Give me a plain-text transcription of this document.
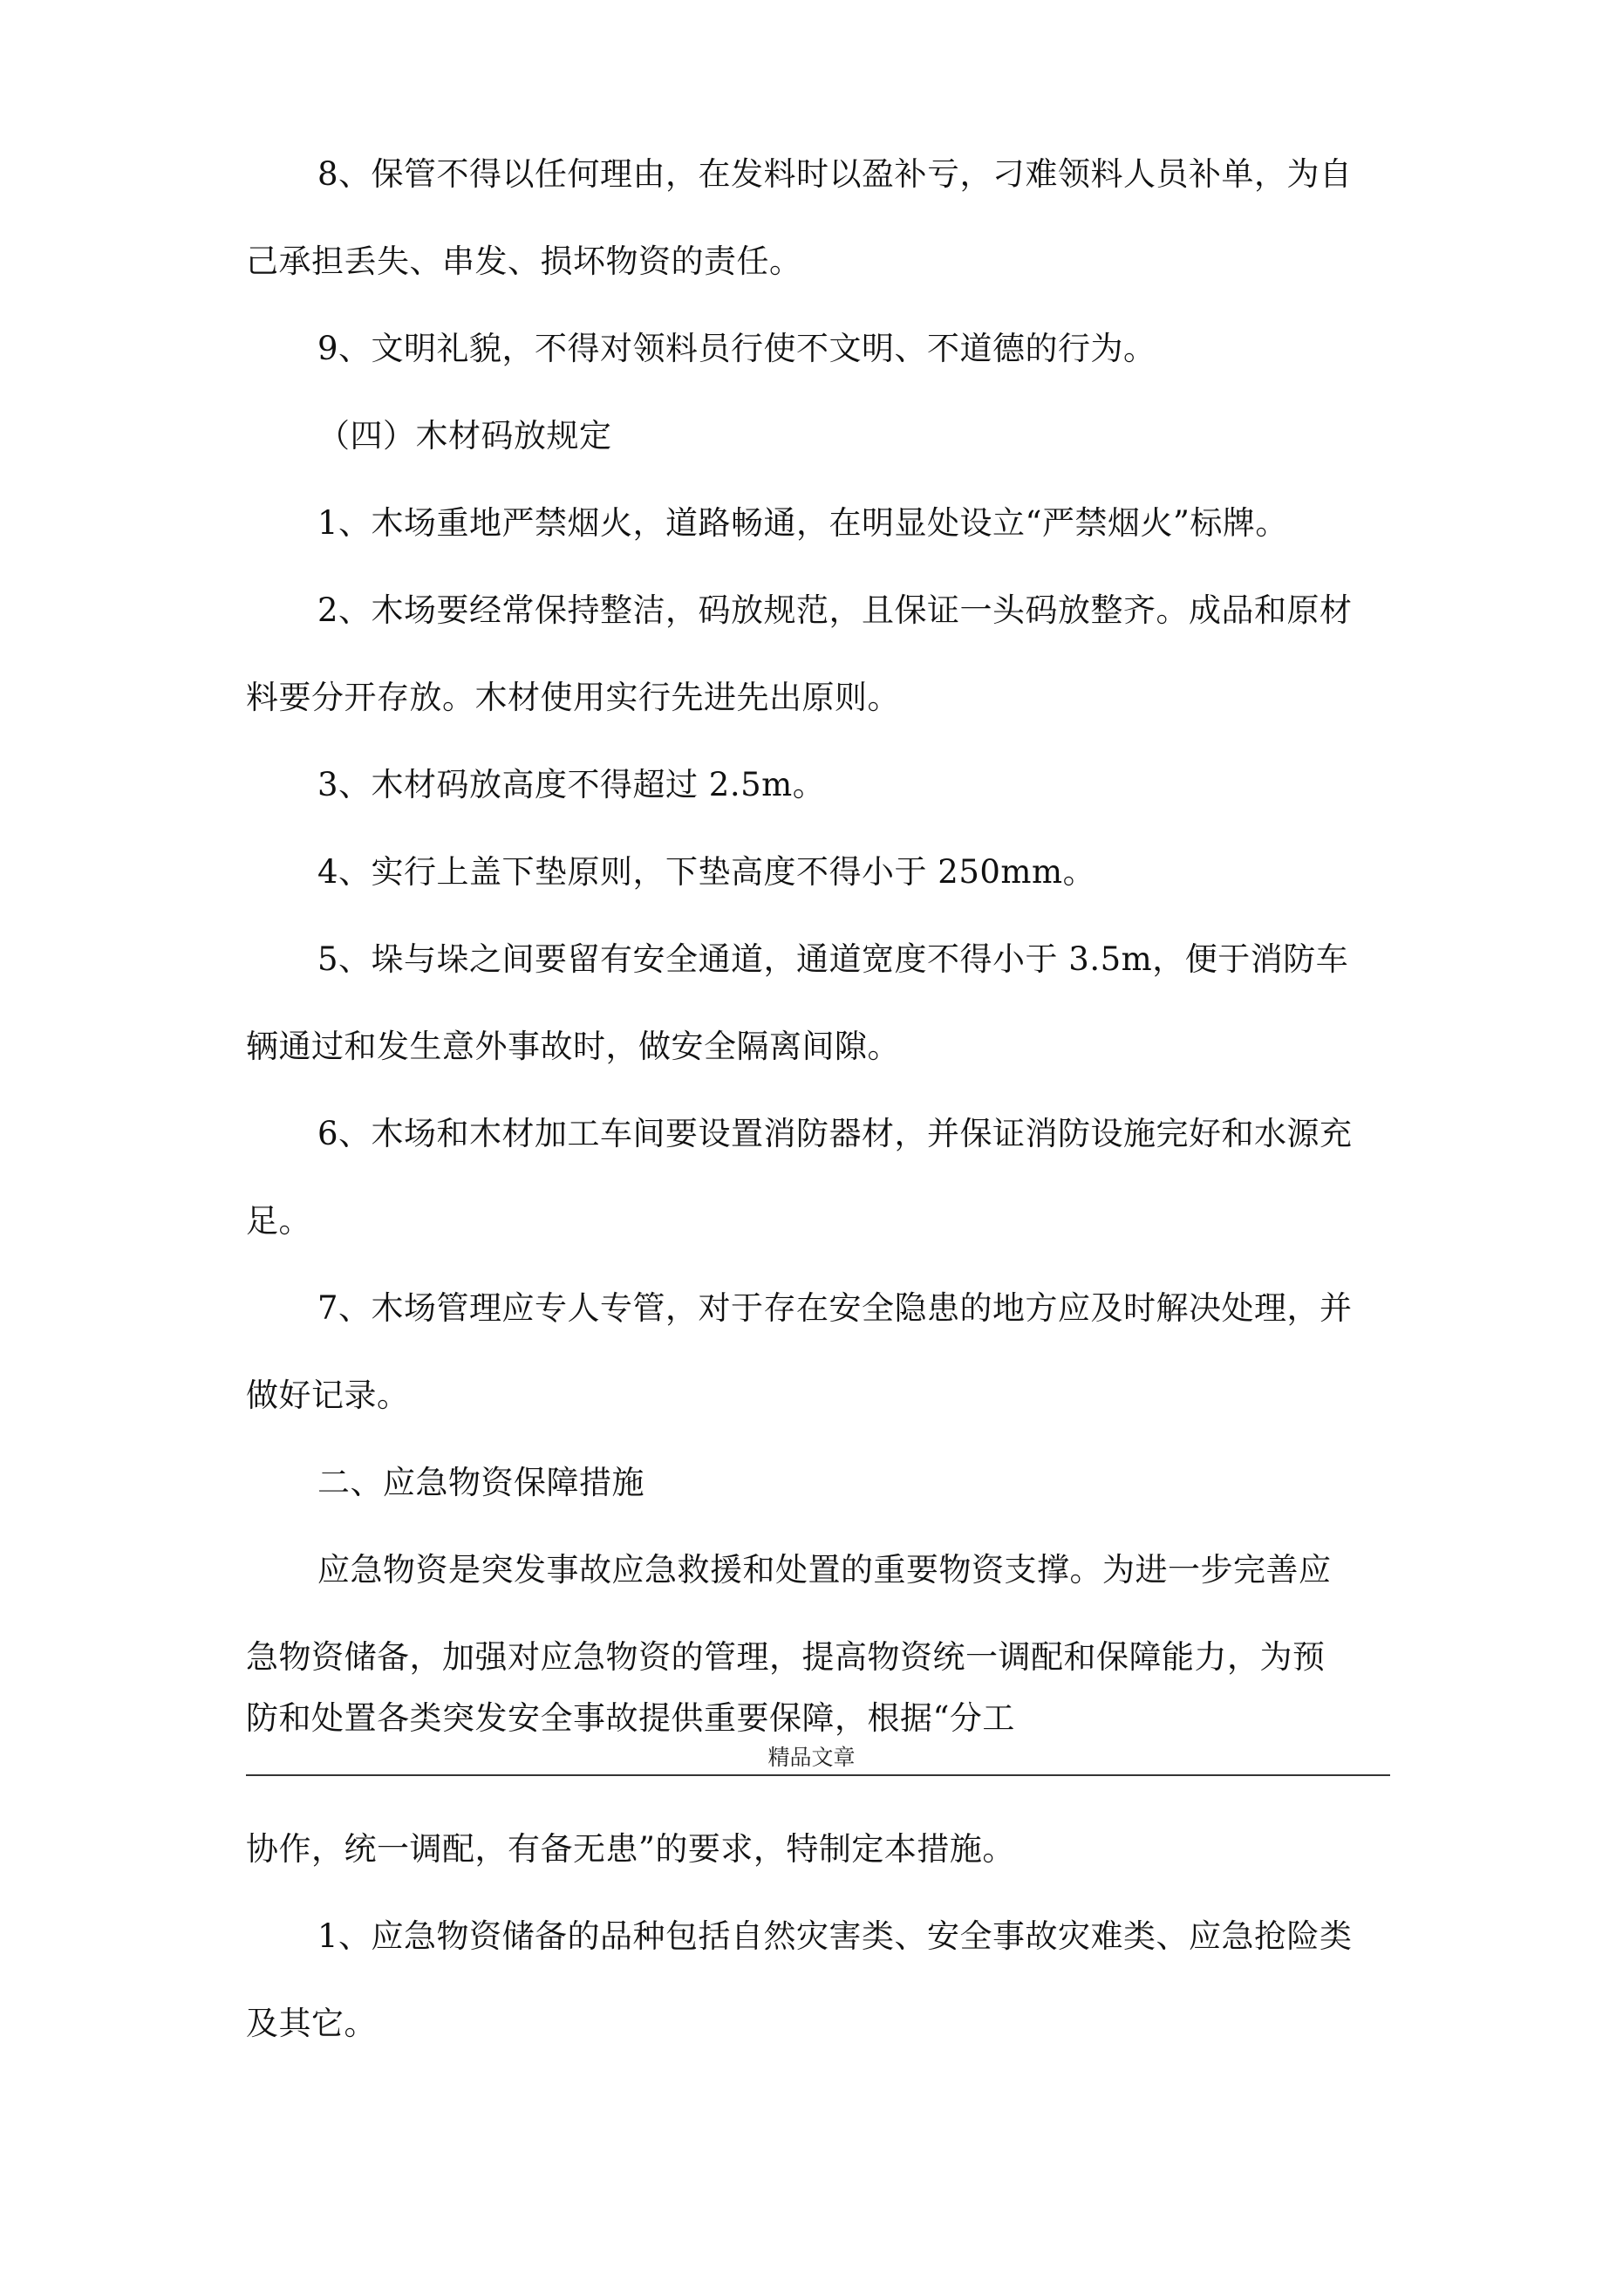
8、保管不得以任何理由，在发料时以盈补亏，刁难领料人员补单，为自
己承担丢失、串发、损坏物资的责任。
9、文明礼貌，不得对领料员行使不文明、不道德的行为。
（四）木材码放规定
1、木场重地严禁烟火，道路畅通，在明显处设立“严禁烟火”标牌。
2、木场要经常保持整洁，码放规范，且保证一头码放整齐。成品和原材
料要分开存放。木材使用实行先进先出原则。
3、木材码放高度不得超过 2.5m。
4、实行上盖下垫原则，下垫高度不得小于 250mm。
5、垛与垛之间要留有安全通道，通道宽度不得小于 3.5m，便于消防车
辆通过和发生意外事故时，做安全隔离间隙。
6、木场和木材加工车间要设置消防器材，并保证消防设施完好和水源充
足。
7、木场管理应专人专管，对于存在安全隐患的地方应及时解决处理，并
做好记录。
二、应急物资保障措施
应急物资是突发事故应急救援和处置的重要物资支撑。为进一步完善应
急物资储备，加强对应急物资的管理，提高物资统一调配和保障能力，为预
防和处置各类突发安全事故提供重要保障，根据“分工
精品文章
协作，统一调配，有备无患”的要求，特制定本措施。
1、应急物资储备的品种包括自然灾害类、安全事故灾难类、应急抢险类
及其它。
